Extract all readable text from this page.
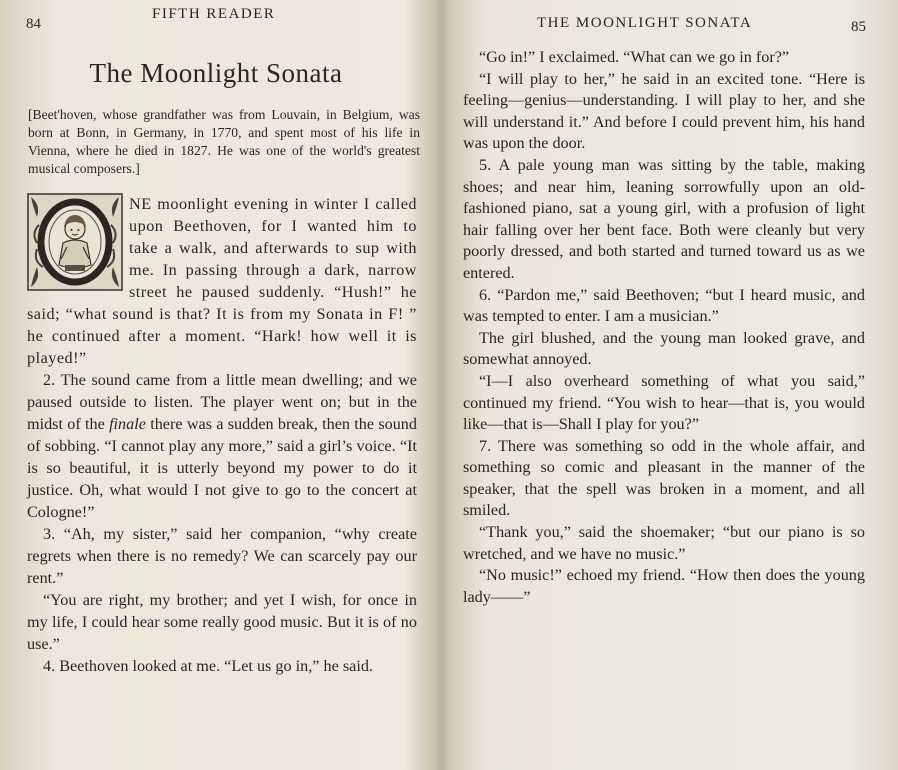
84
FIFTH READER
The Moonlight Sonata

[Beet'hoven, whose grandfather was from Louvain, in Belgium, was born at Bonn, in Germany, in 1770, and spent most of his life in Vienna, where he died in 1827. He was one of the world's greatest musical composers.]

NE moonlight evening in winter I called upon Beethoven, for I wanted him to take a walk, and afterwards to sup with me. In passing through a dark, narrow street he paused suddenly. “Hush!” he said; “what sound is that? It is from my Sonata in F! ” he continued after a moment. “Hark! how well it is played!”

2. The sound came from a little mean dwelling; and we paused outside to listen. The player went on; but in the midst of the finale there was a sudden break, then the sound of sobbing. “I cannot play any more,” said a girl’s voice. “It is so beautiful, it is utterly beyond my power to do it justice. Oh, what would I not give to go to the concert at Cologne!”

3. “Ah, my sister,” said her companion, “why create regrets when there is no remedy? We can scarcely pay our rent.”

“You are right, my brother; and yet I wish, for once in my life, I could hear some really good music. But it is of no use.”

4. Beethoven looked at me. “Let us go in,” he said.

THE MOONLIGHT SONATA	85

“Go in!” I exclaimed. “What can we go in for?”

“I will play to her,” he said in an excited tone. “Here is feeling—genius—understanding. I will play to her, and she will understand it.” And before I could prevent him, his hand was upon the door.

5. A pale young man was sitting by the table, making shoes; and near him, leaning sorrowfully upon an old-fashioned piano, sat a young girl, with a profusion of light hair falling over her bent face. Both were cleanly but very poorly dressed, and both started and turned toward us as we entered.

6. “Pardon me,” said Beethoven; “but I heard music, and was tempted to enter. I am a musician.”

The girl blushed, and the young man looked grave, and somewhat annoyed.

“I—I also overheard something of what you said,” continued my friend. “You wish to hear—that is, you would like—that is—Shall I play for you?”

7. There was something so odd in the whole affair, and something so comic and pleasant in the manner of the speaker, that the spell was broken in a moment, and all smiled.

“Thank you,” said the shoemaker; “but our piano is so wretched, and we have no music.”

“No music!” echoed my friend. “How then does the young lady——”
